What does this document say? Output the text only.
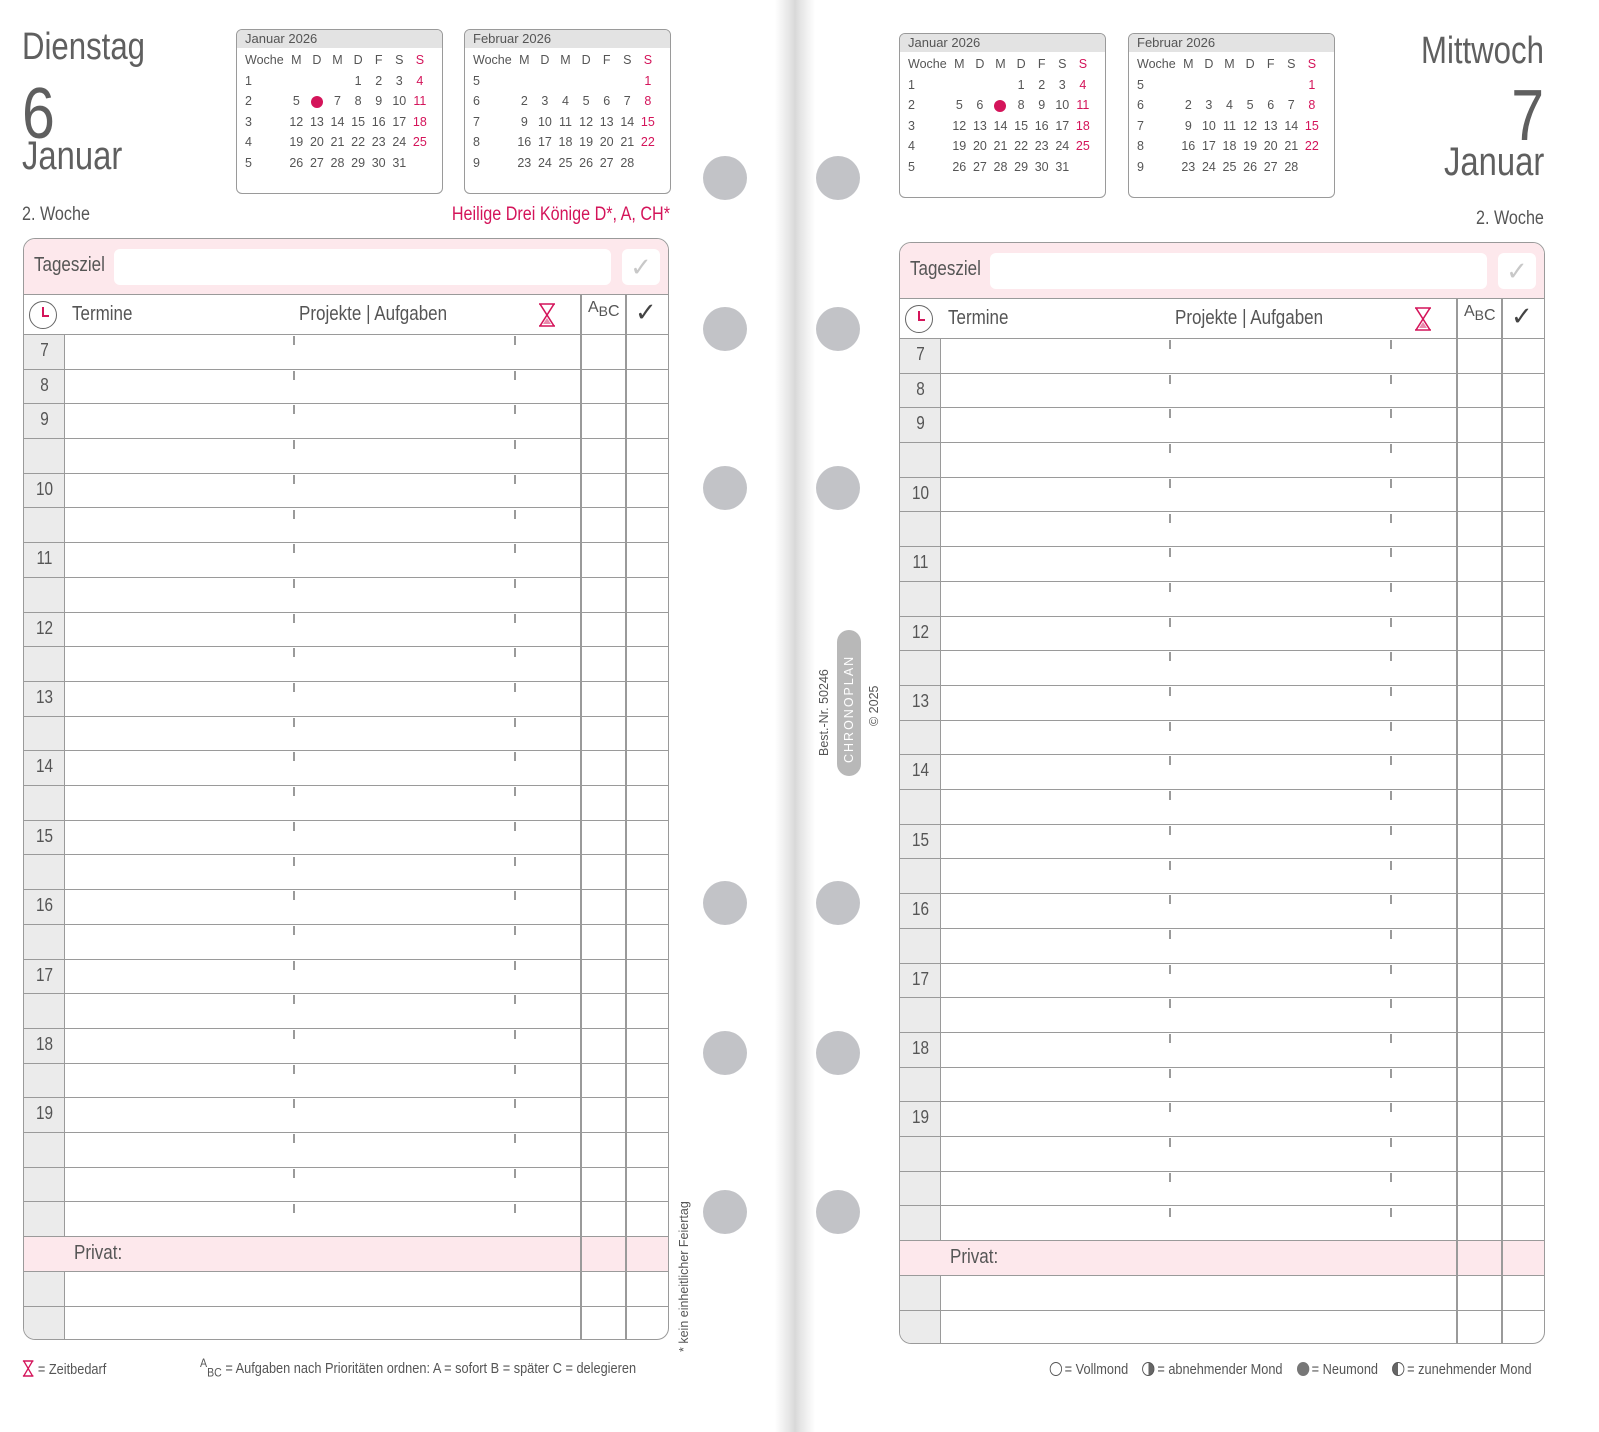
Dienstag
6
Januar
2. Woche	Heilige Drei Könige D*, A, CH*
Januar 2026
Woche	M	D	M	D	F	S	S
1				1	2	3	4
2	5		7	8	9	10	11
3	12	13	14	15	16	17	18
4	19	20	21	22	23	24	25
5	26	27	28	29	30	31	
Februar 2026
Woche	M	D	M	D	F	S	S
5							1
6	2	3	4	5	6	7	8
7	9	10	11	12	13	14	15
8	16	17	18	19	20	21	22
9	23	24	25	26	27	28	
Tagesziel	✓
Termine	Projekte | Aufgaben	$A_{BC}$ ✓
7
8
9
10
11
12
13
14
15
16
17
18
19
Privat:
= Zeitbedarf	$^A_{BC}$ = Aufgaben nach Prioritäten ordnen: A = sofort B = später C = delegieren
* kein einheitlicher Feiertag
Best.-Nr. 50246 CHRONOPLAN © 2025
Mittwoch
7
Januar
2. Woche
Januar 2026
Woche	M	D	M	D	F	S	S
1				1	2	3	4
2	5	6		8	9	10	11
3	12	13	14	15	16	17	18
4	19	20	21	22	23	24	25
5	26	27	28	29	30	31	
Februar 2026
Woche	M	D	M	D	F	S	S
5							1
6	2	3	4	5	6	7	8
7	9	10	11	12	13	14	15
8	16	17	18	19	20	21	22
9	23	24	25	26	27	28	
Tagesziel	✓
Termine	Projekte | Aufgaben	$A_{BC}$ ✓
7
8
9
10
11
12
13
14
15
16
17
18
19
Privat:
= Vollmond = abnehmender Mond = Neumond = zunehmender Mond
